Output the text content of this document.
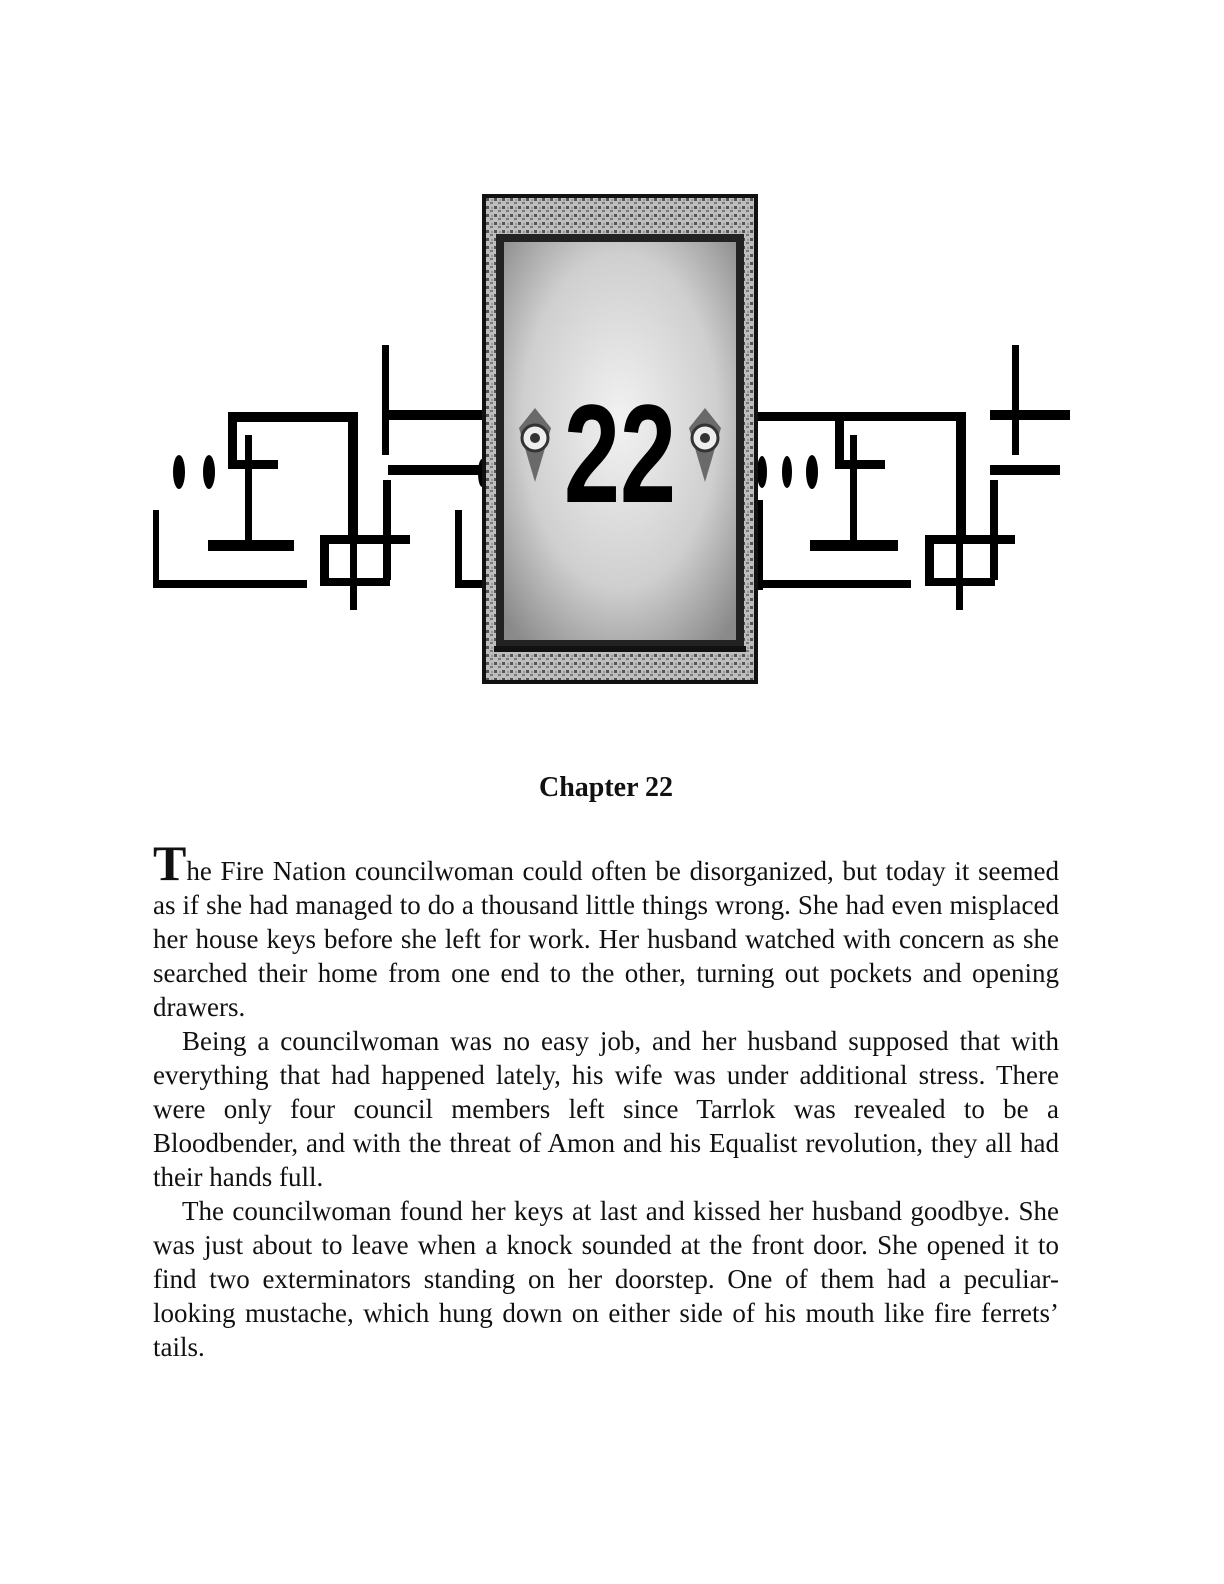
22
Chapter 22

The Fire Nation councilwoman could often be disorganized, but today it seemed as if she had managed to do a thousand little things wrong. She had even misplaced her house keys before she left for work. Her husband watched with concern as she searched their home from one end to the other, turning out pockets and opening drawers.

Being a councilwoman was no easy job, and her husband supposed that with everything that had happened lately, his wife was under additional stress. There were only four council members left since Tarrlok was revealed to be a Bloodbender, and with the threat of Amon and his Equalist revolution, they all had their hands full.

The councilwoman found her keys at last and kissed her husband goodbye. She was just about to leave when a knock sounded at the front door. She opened it to find two exterminators standing on her doorstep. One of them had a peculiar-looking mustache, which hung down on either side of his mouth like fire ferrets’ tails.
